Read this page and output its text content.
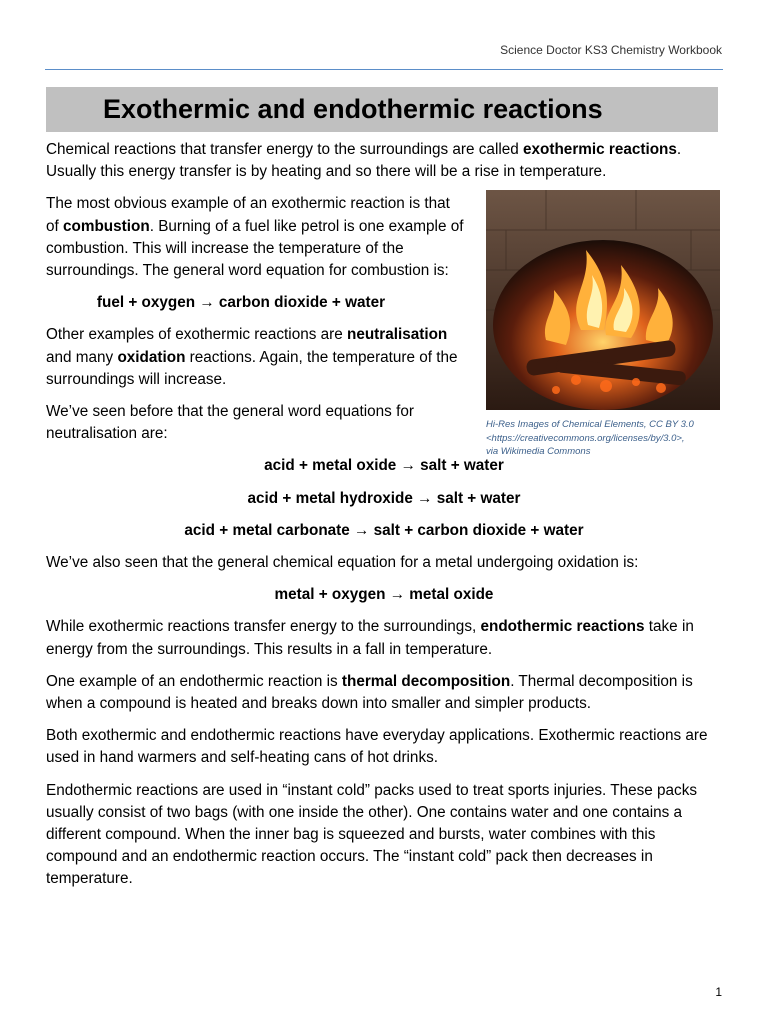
Science Doctor KS3 Chemistry Workbook
Exothermic and endothermic reactions

Chemical reactions that transfer energy to the surroundings are called exothermic reactions. Usually this energy transfer is by heating and so there will be a rise in temperature.

The most obvious example of an exothermic reaction is that of combustion. Burning of a fuel like petrol is one example of combustion. This will increase the temperature of the surroundings. The general word equation for combustion is:

fuel + oxygen → carbon dioxide + water

Other examples of exothermic reactions are neutralisation and many oxidation reactions. Again, the temperature of the surroundings will increase.

We’ve seen before that the general word equations for neutralisation are:

acid + metal oxide → salt + water

acid + metal hydroxide → salt + water

acid + metal carbonate → salt + carbon dioxide + water

We’ve also seen that the general chemical equation for a metal undergoing oxidation is:

metal + oxygen → metal oxide

While exothermic reactions transfer energy to the surroundings, endothermic reactions take in energy from the surroundings. This results in a fall in temperature.

One example of an endothermic reaction is thermal decomposition. Thermal decomposition is when a compound is heated and breaks down into smaller and simpler products.

Both exothermic and endothermic reactions have everyday applications. Exothermic reactions are used in hand warmers and self-heating cans of hot drinks.

Endothermic reactions are used in “instant cold” packs used to treat sports injuries. These packs usually consist of two bags (with one inside the other). One contains water and one contains a different compound. When the inner bag is squeezed and bursts, water combines with this compound and an endothermic reaction occurs. The “instant cold” pack then decreases in temperature.

Hi-Res Images of Chemical Elements, CC BY 3.0
<https://creativecommons.org/licenses/by/3.0>,
via Wikimedia Commons
1
